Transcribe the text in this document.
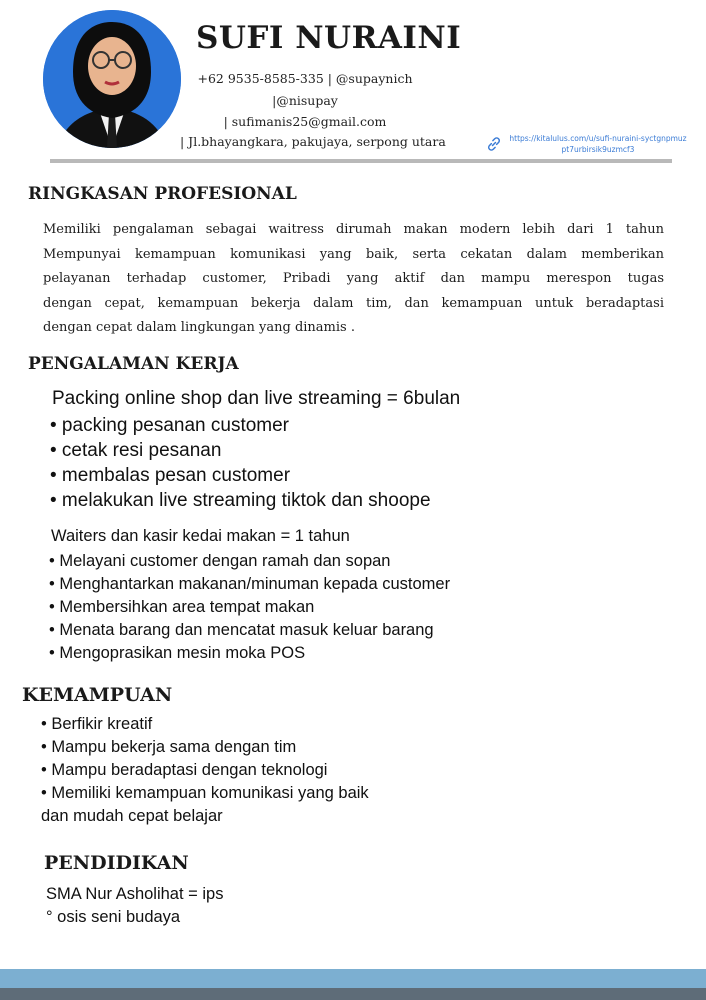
SUFI NURAINI

+62 9535-8585-335 | @supaynich

|@nisupay

| sufimanis25@gmail.com

| Jl.bhayangkara, pakujaya, serpong utara	https://kitalulus.com/u/sufi-nuraini-syctgnpmuzpt7urbirsik9uzmcf3
RINGKASAN PROFESIONAL

Memiliki pengalaman sebagai waitress dirumah makan modern lebih dari 1 tahun
Mempunyai kemampuan komunikasi yang baik, serta cekatan dalam memberikan
pelayanan terhadap customer, Pribadi yang aktif dan mampu merespon tugas
dengan cepat, kemampuan bekerja dalam tim, dan kemampuan untuk beradaptasi
dengan cepat dalam lingkungan yang dinamis .

PENGALAMAN KERJA

Packing online shop dan live streaming = 6bulan

• packing pesanan customer
• cetak resi pesanan
• membalas pesan customer
• melakukan live streaming tiktok dan shoope

Waiters dan kasir kedai makan = 1 tahun

• Melayani customer dengan ramah dan sopan
• Menghantarkan makanan/minuman kepada customer
• Membersihkan area tempat makan
• Menata barang dan mencatat masuk keluar barang
• Mengoprasikan mesin moka POS
KEMAMPUAN
• Berfikir kreatif
• Mampu bekerja sama dengan tim
• Mampu beradaptasi dengan teknologi
• Memiliki kemampuan komunikasi yang baik
dan mudah cepat belajar
PENDIDIKAN

SMA Nur Asholihat = ips

° osis seni budaya
